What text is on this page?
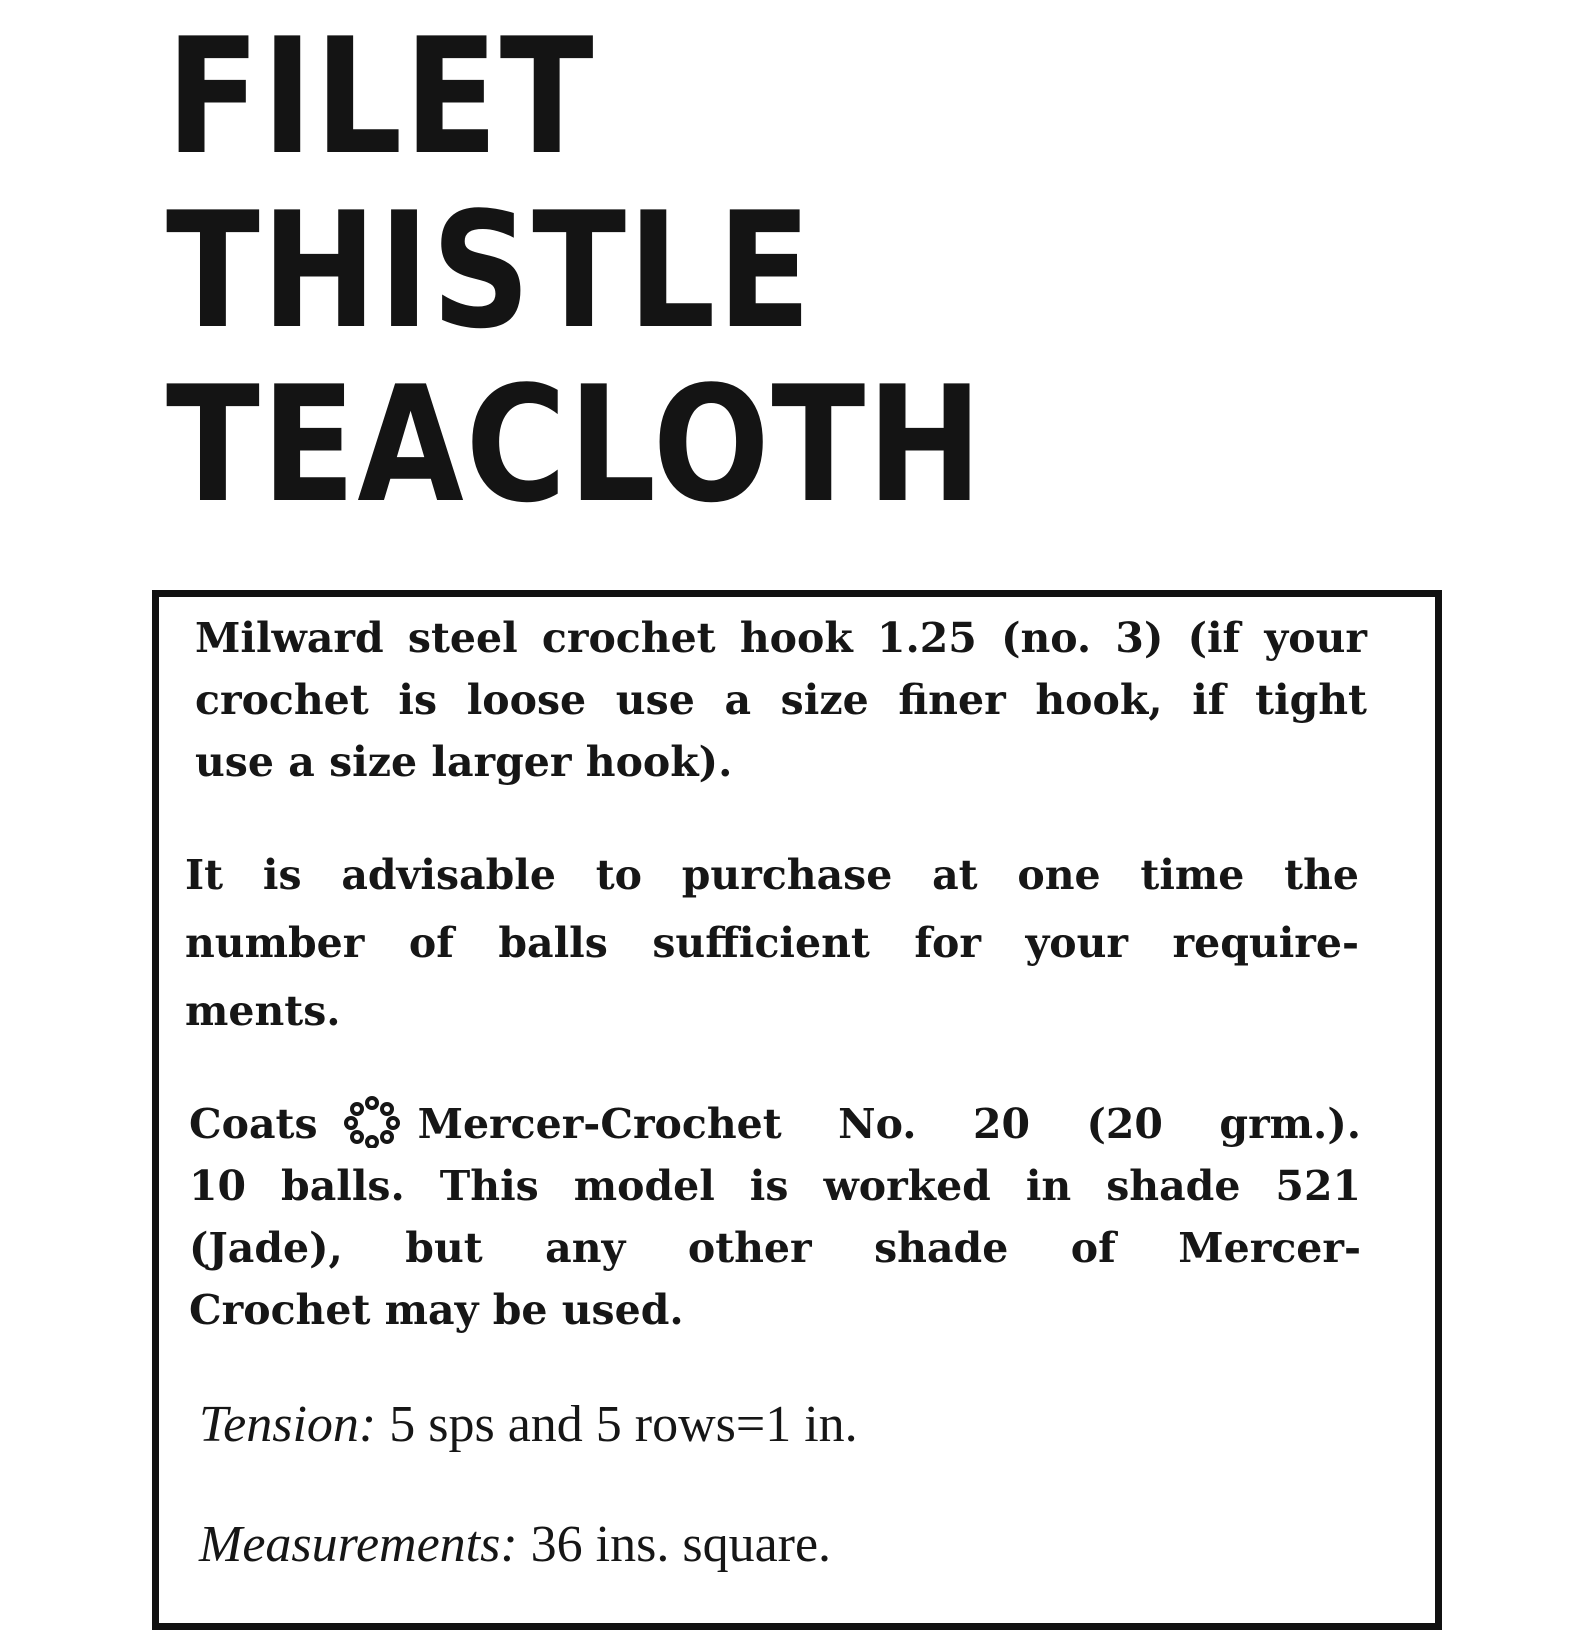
FILET
THISTLE
TEACLOTH

Milward steel crochet hook 1.25 (no. 3) (if your
crochet is loose use a size finer hook, if tight
use a size larger hook).

It is advisable to purchase at one time the
number of balls sufficient for your require-
ments.

Coats Mercer-Crochet No. 20 (20 grm.).
10 balls. This model is worked in shade 521
(Jade), but any other shade of Mercer-
Crochet may be used.

Tension: 5 sps and 5 rows=1 in.

Measurements: 36 ins. square.
